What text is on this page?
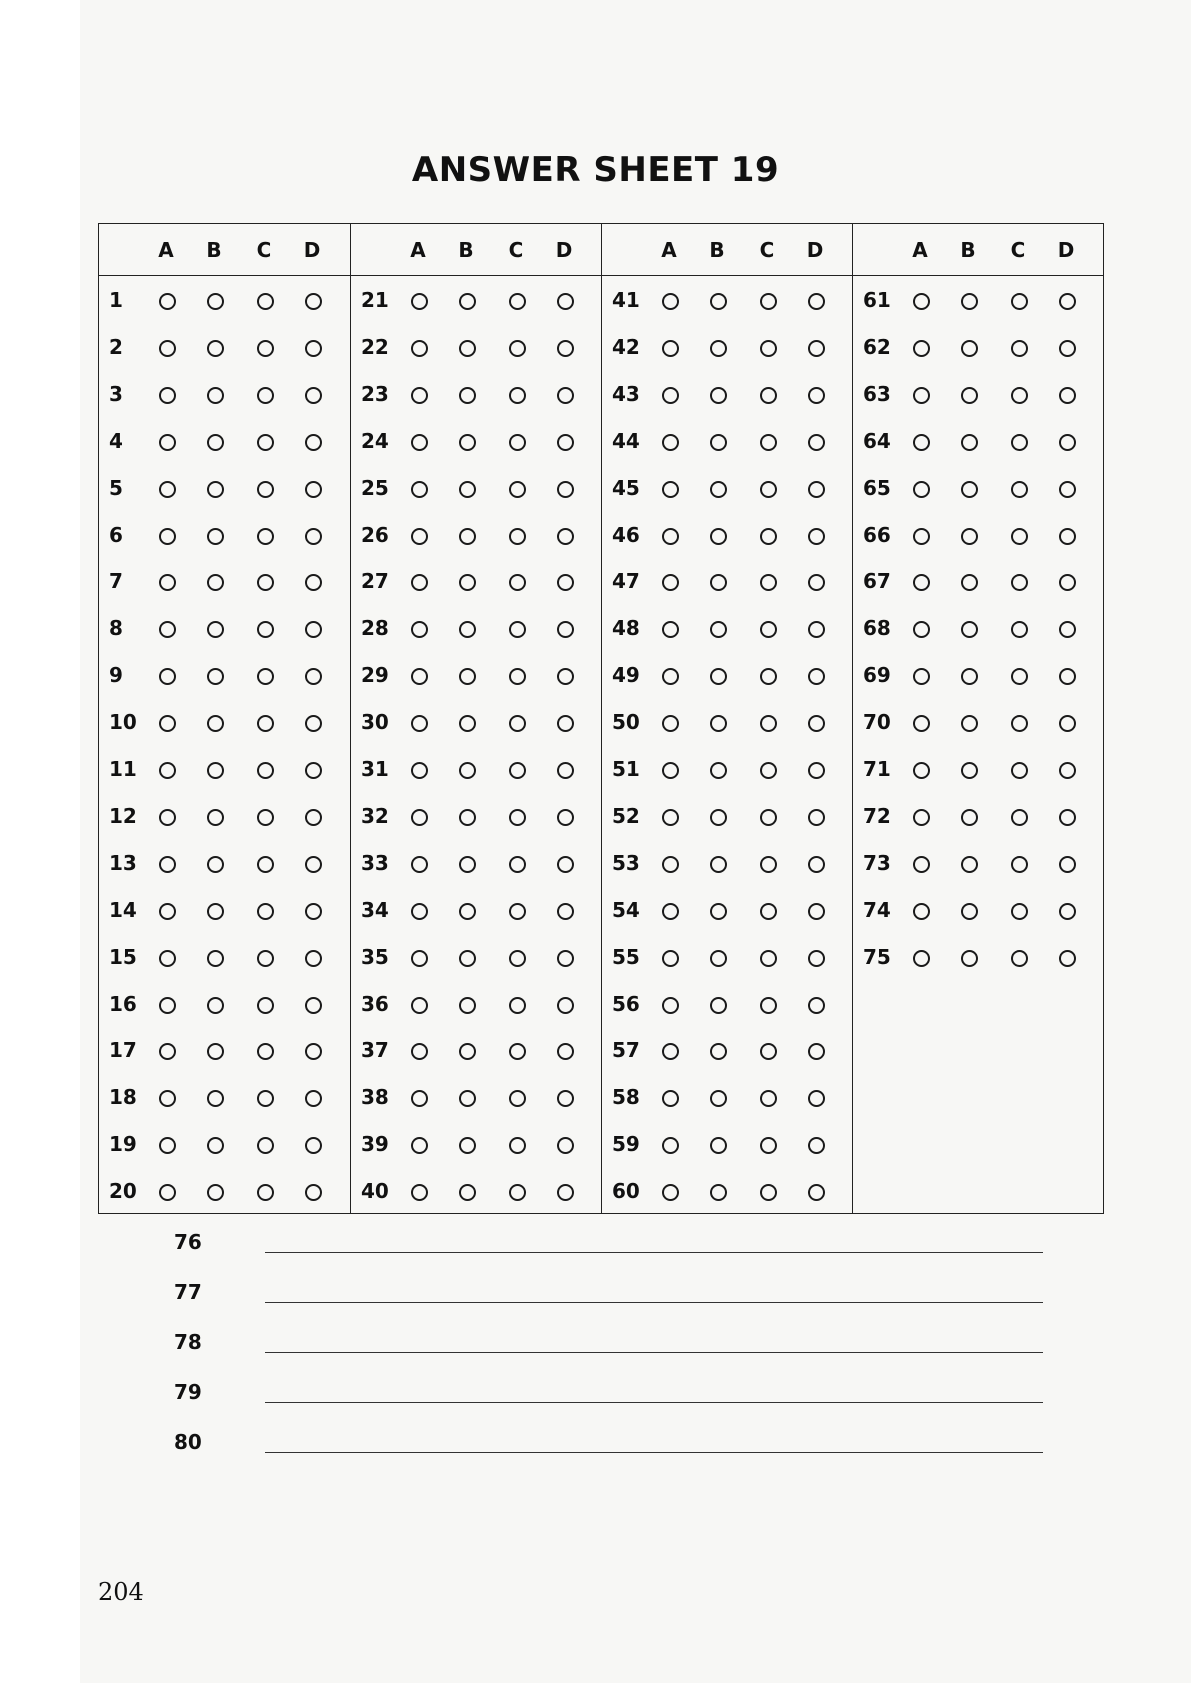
ANSWER SHEET 19
A B C D
1
2
3
4
5
6
7
8
9
10
11
12
13
14
15
16
17
18
19
20
A B C D
21
22
23
24
25
26
27
28
29
30
31
32
33
34
35
36
37
38
39
40
A B C D
41
42
43
44
45
46
47
48
49
50
51
52
53
54
55
56
57
58
59
60
A B C D
61
62
63
64
65
66
67
68
69
70
71
72
73
74
75
76
77
78
79
80
204
